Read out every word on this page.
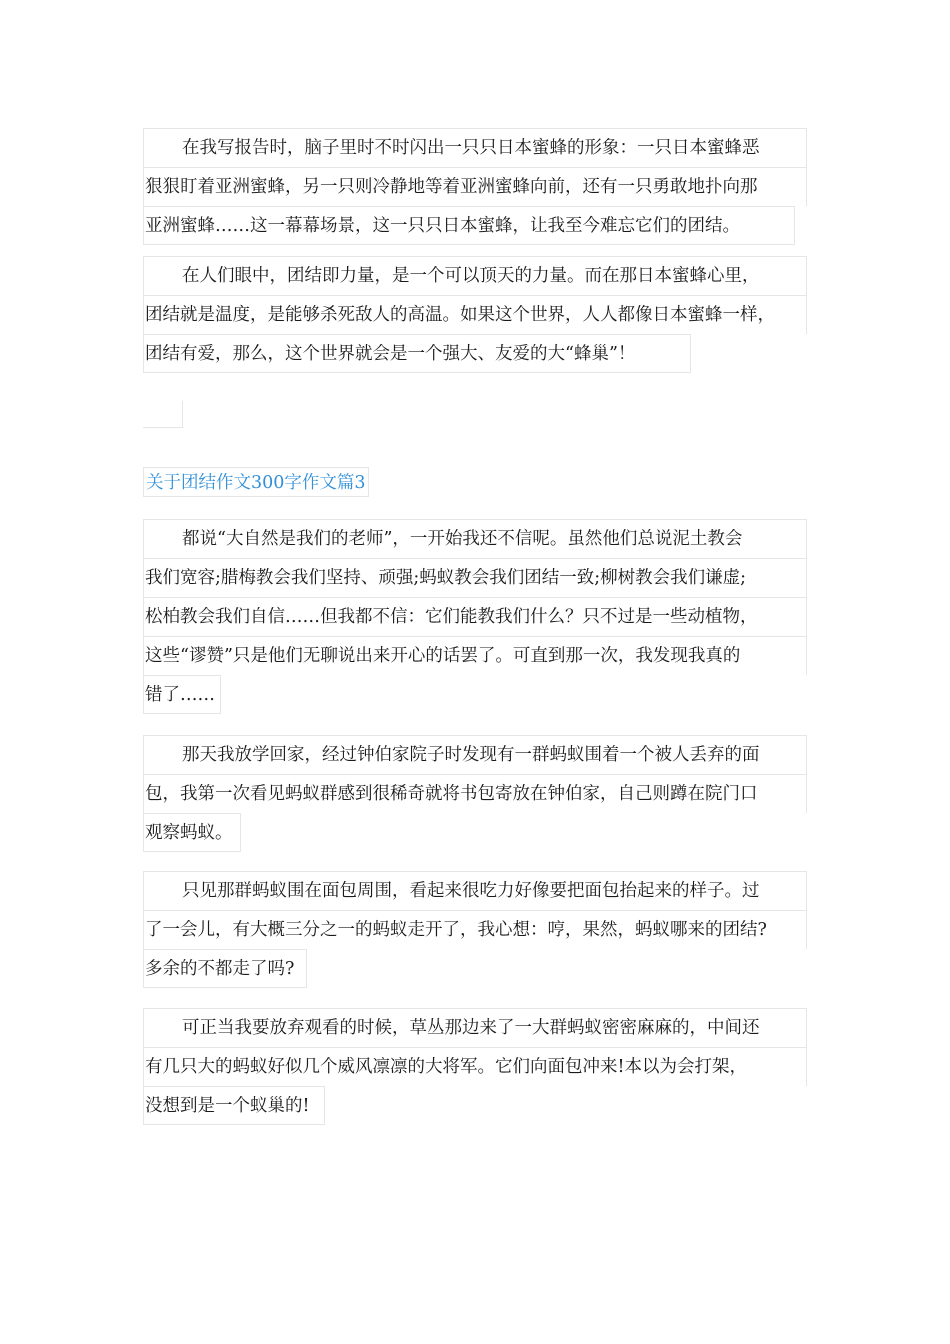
在我写报告时，脑子里时不时闪出一只只日本蜜蜂的形象：一只日本蜜蜂恶
狠狠盯着亚洲蜜蜂，另一只则冷静地等着亚洲蜜蜂向前，还有一只勇敢地扑向那
亚洲蜜蜂……这一幕幕场景，这一只只日本蜜蜂，让我至今难忘它们的团结。
在人们眼中，团结即力量，是一个可以顶天的力量。而在那日本蜜蜂心里，
团结就是温度，是能够杀死敌人的高温。如果这个世界，人人都像日本蜜蜂一样，
团结有爱，那么，这个世界就会是一个强大、友爱的大“蜂巢”！
关于团结作文300字作文篇3
都说“大自然是我们的老师”，一开始我还不信呢。虽然他们总说泥土教会
我们宽容;腊梅教会我们坚持、顽强;蚂蚁教会我们团结一致;柳树教会我们谦虚;
松柏教会我们自信……但我都不信：它们能教我们什么？只不过是一些动植物，
这些“谬赞”只是他们无聊说出来开心的话罢了。可直到那一次，我发现我真的
错了……
那天我放学回家，经过钟伯家院子时发现有一群蚂蚁围着一个被人丢弃的面
包，我第一次看见蚂蚁群感到很稀奇就将书包寄放在钟伯家，自己则蹲在院门口
观察蚂蚁。
只见那群蚂蚁围在面包周围，看起来很吃力好像要把面包抬起来的样子。过
了一会儿，有大概三分之一的蚂蚁走开了，我心想：哼，果然，蚂蚁哪来的团结?
多余的不都走了吗?
可正当我要放弃观看的时候，草丛那边来了一大群蚂蚁密密麻麻的，中间还
有几只大的蚂蚁好似几个威风凛凛的大将军。它们向面包冲来!本以为会打架，
没想到是一个蚁巢的!
